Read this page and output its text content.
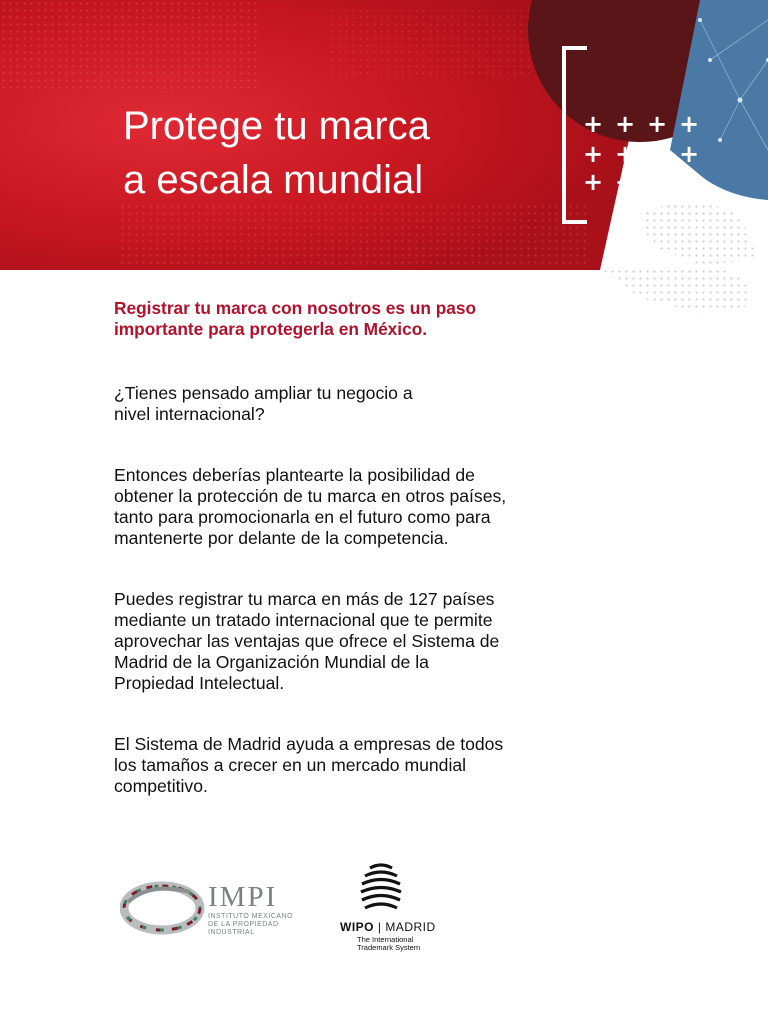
+ + + +
+ + + +
+ + +
Protege tu marca
a escala mundial

Registrar tu marca con nosotros es un paso
importante para protegerla en México.

¿Tienes pensado ampliar tu negocio a
nivel internacional?

Entonces deberías plantearte la posibilidad de
obtener la protección de tu marca en otros países,
tanto para promocionarla en el futuro como para
mantenerte por delante de la competencia.

Puedes registrar tu marca en más de 127 países
mediante un tratado internacional que te permite
aprovechar las ventajas que ofrece el Sistema de
Madrid de la Organización Mundial de la
Propiedad Intelectual.

El Sistema de Madrid ayuda a empresas de todos
los tamaños a crecer en un mercado mundial
competitivo.

IMPI
INSTITUTO MEXICANO
DE LA PROPIEDAD
INDUSTRIAL	WIPO | MADRID
The International
Trademark System
